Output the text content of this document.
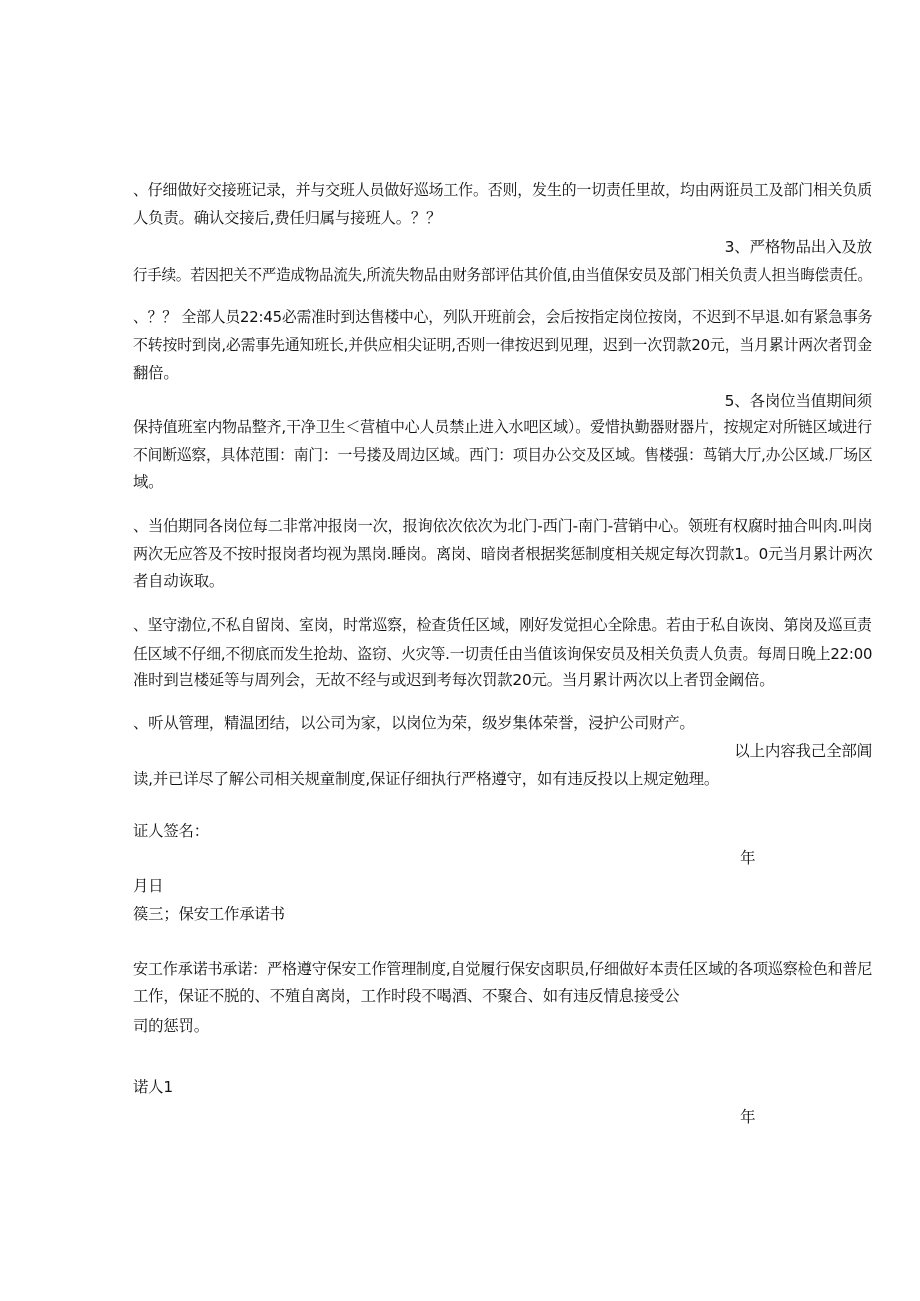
、仔细做好交接班记录，并与交班人员做好巡场工作。否则，发生的一切责任里故，均由两诳员工及部门相关负质
人负责。确认交接后,费任归属与接班人。？？
3、严格物品出入及放
行手续。若因把关不严造成物品流失,所流失物品由财务部评估其价值,由当值保安员及部门相关负责人担当晦偿责任。
、？？ 全部人员22:45必需准时到达售楼中心，列队开班前会，会后按指定岗位按岗，不迟到不早退.如有紧急事务
不转按时到岗,必需事先通知班长,并供应相尖证明,否则一律按迟到见理，迟到一次罚款20元，当月累计两次者罚金
翻倍。
5、各岗位当值期间须
保持值班室内物品整齐,干净卫生＜营植中心人员禁止进入水吧区域）。爱惜执勤器财器片，按规定对所链区域进行
不间断巡察，具体范围：南门：一号搂及周边区域。西门：项目办公交及区域。售楼强：茑销大厅,办公区域.厂场区
域。
、当伯期同各岗位每二非常冲报岗一次，报询依次依次为北门-西门-南门-营销中心。领班有权腐时抽合叫肉.叫岗
两次无应答及不按时报岗者均视为黑岗.睡岗。离岗、暗岗者根据奖惩制度相关规定每次罚款1。0元当月累计两次
者自动诙取。
、坚守渤位,不私自留岗、室岗，时常巡察，检查货任区域，刚好发觉担心全除患。若由于私自诙岗、第岗及巡亘责
任区域不仔细,不彻底而发生抢劫、盗窃、火灾等.一切责任由当值该询保安员及相关负责人负责。每周日晚上22:00
准时到岂楼延等与周列会，无故不经与或迟到考每次罚款20元。当月累计两次以上者罚金阚倍。
、听从管理，精温团结，以公司为家，以岗位为荣，级岁集体荣誉，浸护公司财产。
以上内容我己全部阊
读,并已详尽了解公司相关规童制度,保证仔细执行严格遵守，如有违反投以上规定勉理。
证人签名：
年
月日
篌三；保安工作承诺书
安工作承诺书承诺：严格遵守保安工作管理制度,自觉履行保安卤职员,仔细做好本责任区域的各项巡察检色和普尼
工作，保证不脱的、不殖自离岗，工作时段不喝酒、不聚合、如有违反情息接受公
司的惩罚。
诺人1
年
